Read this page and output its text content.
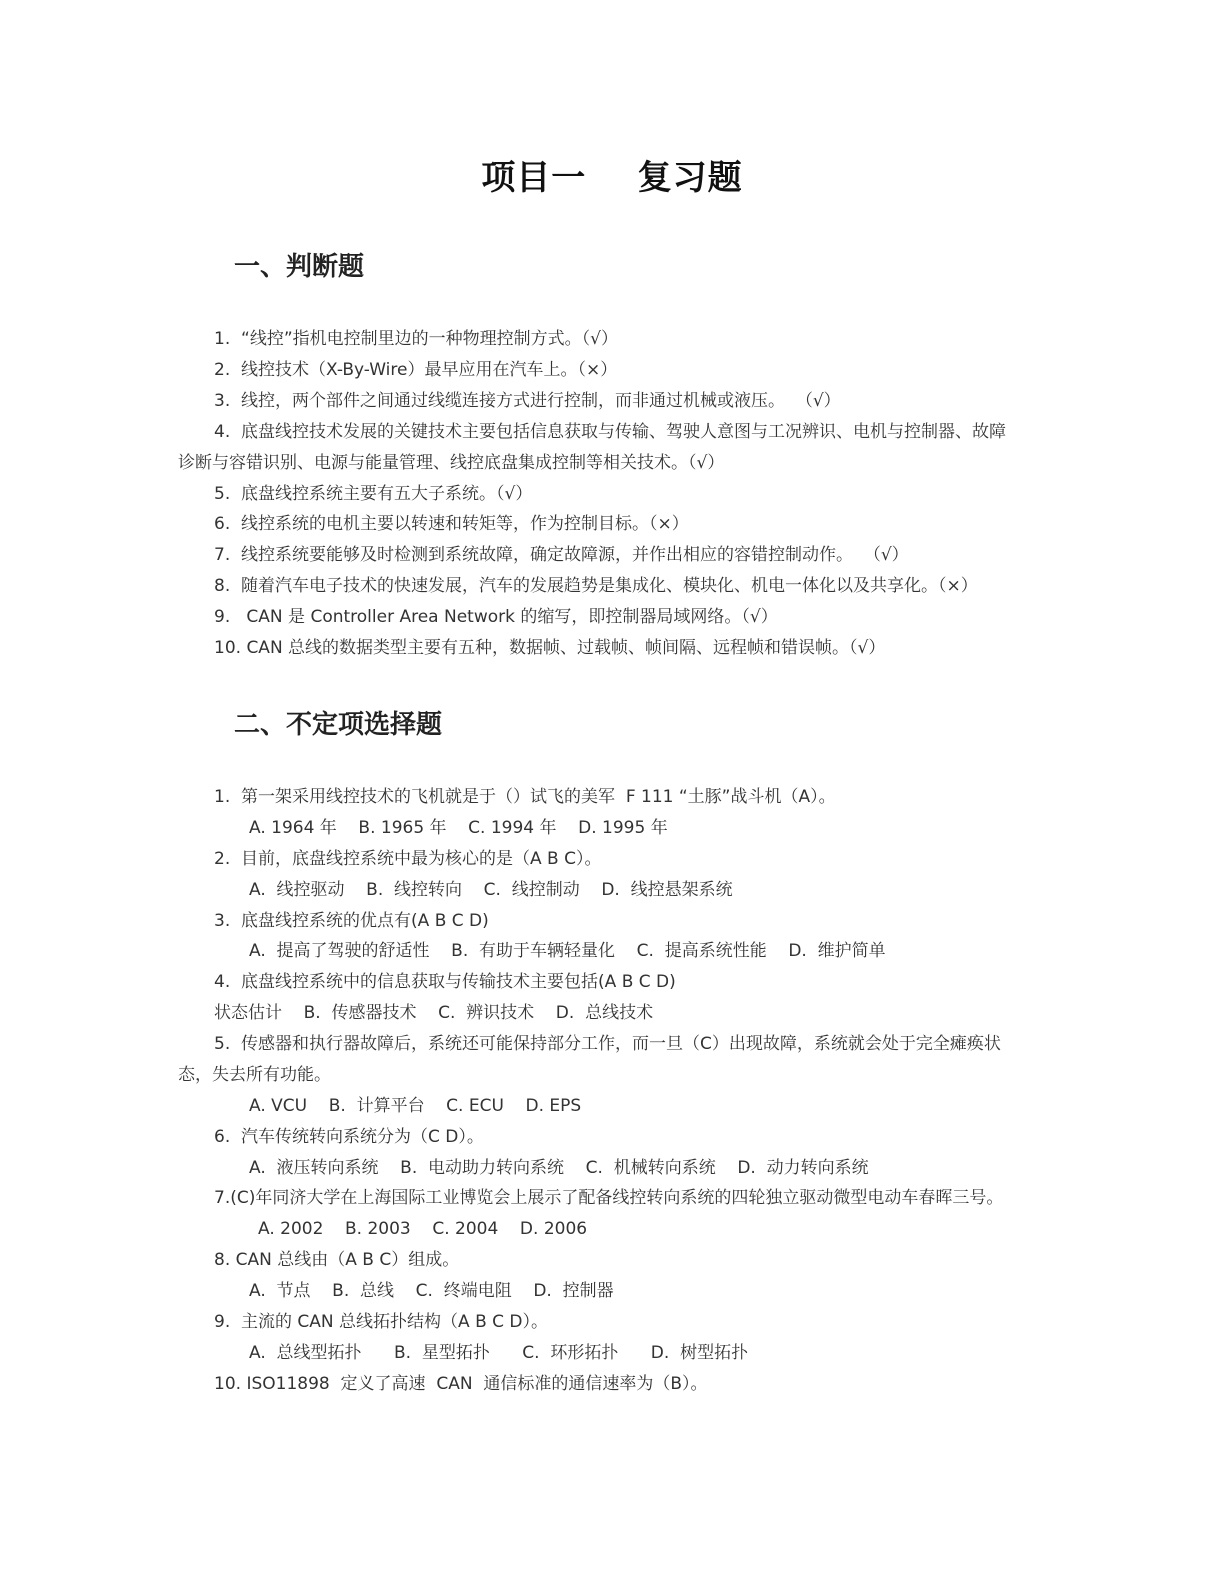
项目一    复习题
一、判断题
1.  “线控”指机电控制里边的一种物理控制方式。（√）
2.  线控技术（X-By-Wire）最早应用在汽车上。（×）
3.  线控，两个部件之间通过线缆连接方式进行控制，而非通过机械或液压。  （√）
4.  底盘线控技术发展的关键技术主要包括信息获取与传输、驾驶人意图与工况辨识、电机与控制器、故障
诊断与容错识别、电源与能量管理、线控底盘集成控制等相关技术。（√）
5.  底盘线控系统主要有五大子系统。（√）
6.  线控系统的电机主要以转速和转矩等，作为控制目标。（×）
7.  线控系统要能够及时检测到系统故障，确定故障源，并作出相应的容错控制动作。  （√）
8.  随着汽车电子技术的快速发展，汽车的发展趋势是集成化、模块化、机电一体化以及共享化。（×）
9.   CAN 是 Controller Area Network 的缩写，即控制器局域网络。（√）
10. CAN 总线的数据类型主要有五种，数据帧、过载帧、帧间隔、远程帧和错误帧。（√）
二、不定项选择题
1.  第一架采用线控技术的飞机就是于（）试飞的美军  F 111 “土豚”战斗机（A）。
A. 1964 年    B. 1965 年    C. 1994 年    D. 1995 年
2.  目前，底盘线控系统中最为核心的是（A B C）。
A.  线控驱动    B.  线控转向    C.  线控制动    D.  线控悬架系统
3.  底盘线控系统的优点有(A B C D)
A.  提高了驾驶的舒适性    B.  有助于车辆轻量化    C.  提高系统性能    D.  维护简单
4.  底盘线控系统中的信息获取与传输技术主要包括(A B C D)
状态估计    B.  传感器技术    C.  辨识技术    D.  总线技术
5.  传感器和执行器故障后，系统还可能保持部分工作，而一旦（C）出现故障，系统就会处于完全瘫痪状
态，失去所有功能。
A. VCU    B.  计算平台    C. ECU    D. EPS
6.  汽车传统转向系统分为（C D）。
A.  液压转向系统    B.  电动助力转向系统    C.  机械转向系统    D.  动力转向系统
7.(C)年同济大学在上海国际工业博览会上展示了配备线控转向系统的四轮独立驱动微型电动车春晖三号。
A. 2002    B. 2003    C. 2004    D. 2006
8. CAN 总线由（A B C）组成。
A.  节点    B.  总线    C.  终端电阻    D.  控制器
9.  主流的 CAN 总线拓扑结构（A B C D）。
A.  总线型拓扑      B.  星型拓扑      C.  环形拓扑      D.  树型拓扑
10. ISO11898  定义了高速  CAN  通信标准的通信速率为（B）。
